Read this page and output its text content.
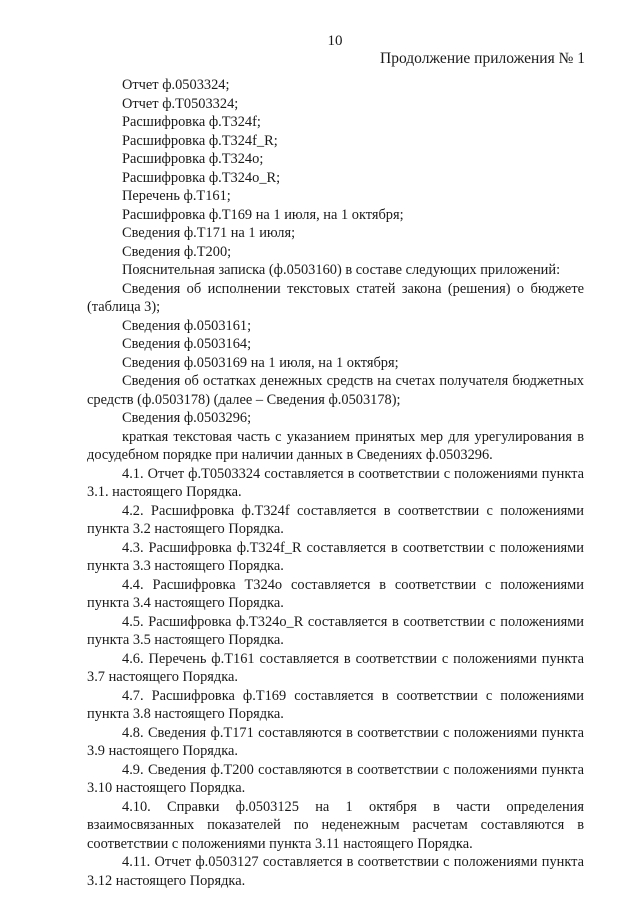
10
Продолжение приложения № 1

Отчет ф.0503324;

Отчет ф.Т0503324;

Расшифровка ф.Т324f;

Расшифровка ф.Т324f_R;

Расшифровка ф.Т324о;

Расшифровка ф.Т324о_R;

Перечень ф.Т161;

Расшифровка ф.Т169 на 1 июля, на 1 октября;

Сведения ф.Т171 на 1 июля;

Сведения ф.Т200;

Пояснительная записка (ф.0503160) в составе следующих приложений:

Сведения об исполнении текстовых статей закона (решения) о бюджете (таблица 3);

Сведения ф.0503161;

Сведения ф.0503164;

Сведения ф.0503169 на 1 июля, на 1 октября;

Сведения об остатках денежных средств на счетах получателя бюджетных средств (ф.0503178) (далее – Сведения ф.0503178);

Сведения ф.0503296;

краткая текстовая часть с указанием принятых мер для урегулирования в досудебном порядке при наличии данных в Сведениях ф.0503296.

4.1. Отчет ф.Т0503324 составляется в соответствии с положениями пункта 3.1. настоящего Порядка.

4.2. Расшифровка ф.Т324f составляется в соответствии с положениями пункта 3.2 настоящего Порядка.

4.3. Расшифровка ф.Т324f_R составляется в соответствии с положениями пункта 3.3 настоящего Порядка.

4.4. Расшифровка Т324о составляется в соответствии с положениями пункта 3.4 настоящего Порядка.

4.5. Расшифровка ф.Т324о_R составляется в соответствии с положениями пункта 3.5 настоящего Порядка.

4.6. Перечень ф.Т161 составляется в соответствии с положениями пункта 3.7 настоящего Порядка.

4.7. Расшифровка ф.Т169 составляется в соответствии с положениями пункта 3.8 настоящего Порядка.

4.8. Сведения ф.Т171 составляются в соответствии с положениями пункта 3.9 настоящего Порядка.

4.9. Сведения ф.Т200 составляются в соответствии с положениями пункта 3.10 настоящего Порядка.

4.10. Справки ф.0503125 на 1 октября в части определения взаимосвязанных показателей по неденежным расчетам составляются в соответствии с положениями пункта 3.11 настоящего Порядка.

4.11. Отчет ф.0503127 составляется в соответствии с положениями пункта 3.12 настоящего Порядка.
